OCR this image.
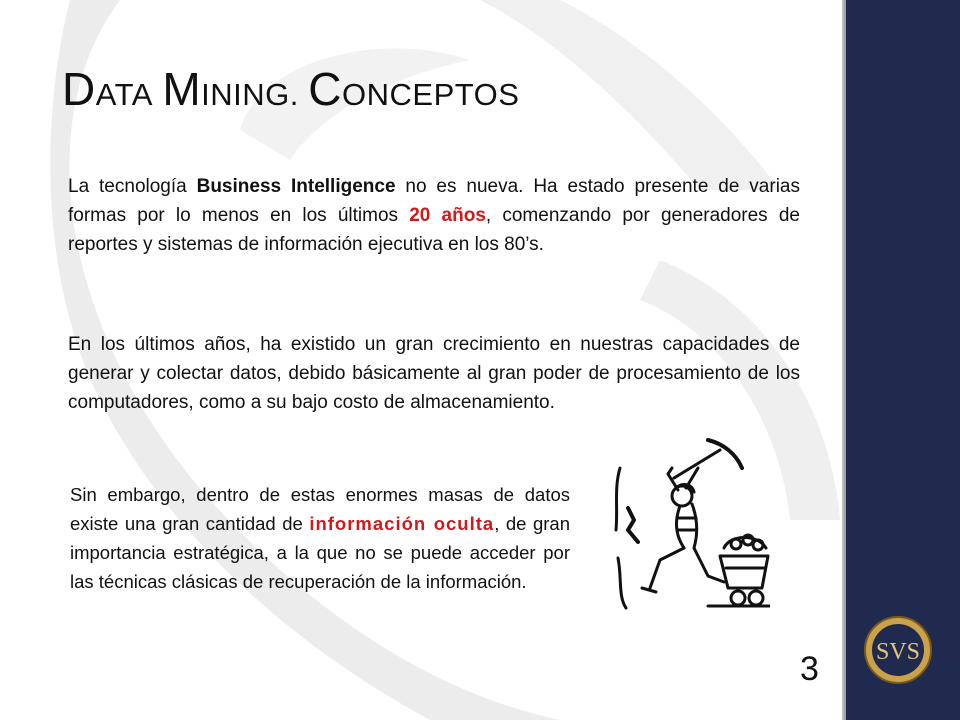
DATA MINING. CONCEPTOS

La tecnología Business Intelligence no es nueva. Ha estado presente de varias formas por lo menos en los últimos 20 años, comenzando por generadores de reportes y sistemas de información ejecutiva en los 80’s.

En los últimos años, ha existido un gran crecimiento en nuestras capacidades de generar y colectar datos, debido básicamente al gran poder de procesamiento de los computadores, como a su bajo costo de almacenamiento.

Sin embargo, dentro de estas enormes masas de datos existe una gran cantidad de información oculta, de gran importancia estratégica, a la que no se puede acceder por las técnicas clásicas de recuperación de la información.

SVS
3
